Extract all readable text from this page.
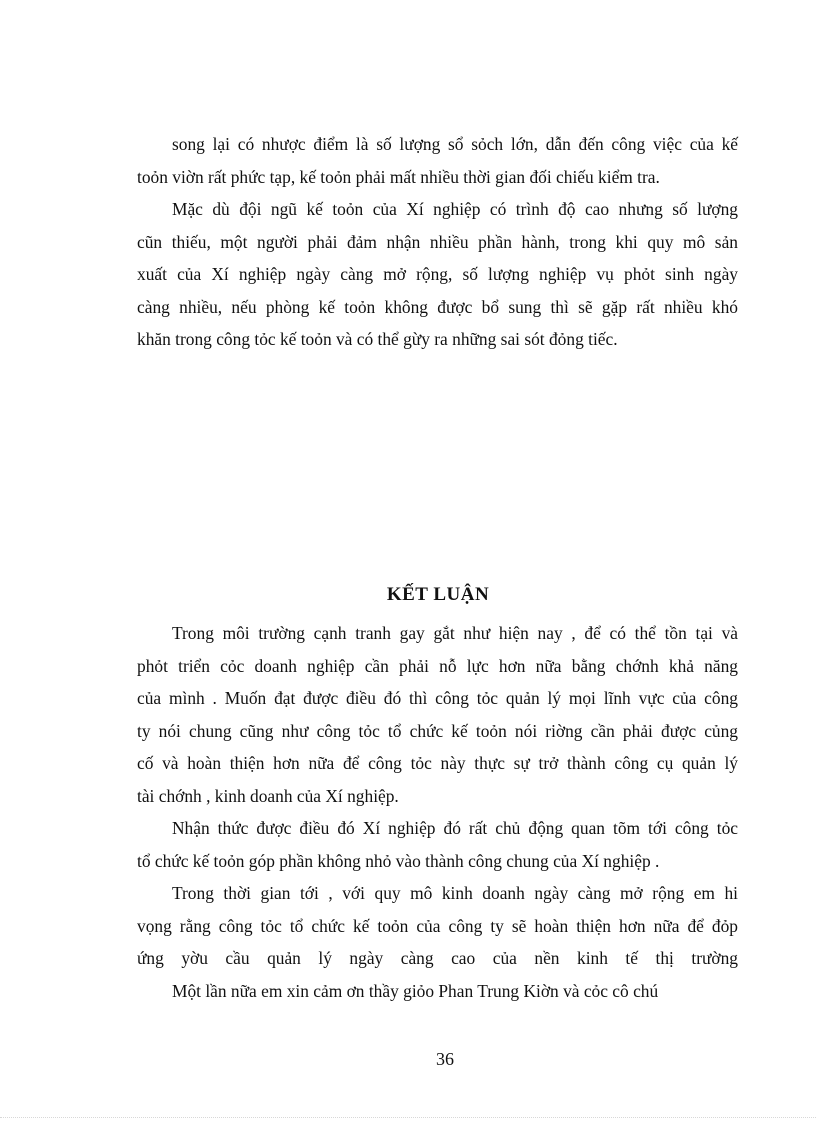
song lại có nhược điểm là số lượng sổ sỏch lớn, dẫn đến công việc của kế
toỏn viờn rất phức tạp, kế toỏn phải mất nhiều thời gian đối chiếu kiểm tra.
Mặc dù đội ngũ kế toỏn của Xí nghiệp có trình độ cao nhưng số lượng
cũn thiếu, một người phải đảm nhận nhiều phần hành, trong khi quy mô sản
xuất của Xí nghiệp ngày càng mở rộng, số lượng nghiệp vụ phỏt sinh ngày
càng nhiều, nếu phòng kế toỏn không được bổ sung thì sẽ gặp rất nhiều khó
khăn trong công tỏc kế toỏn và có thể gừy ra những sai sót đỏng tiếc.
KẾT LUẬN
Trong môi trường cạnh tranh gay gắt như hiện nay , để có thể tồn tại và
phỏt triển cỏc doanh nghiệp cần phải nỗ lực hơn nữa bằng chớnh khả năng
của mình . Muốn đạt được điều đó thì công tỏc quản lý mọi lĩnh vực của công
ty nói chung cũng như công tỏc tổ chức kế toỏn nói riờng cần phải được củng
cố và hoàn thiện hơn nữa để công tỏc này thực sự trở thành công cụ quản lý
tài chớnh , kinh doanh của Xí nghiệp.
Nhận thức được điều đó Xí nghiệp đó rất chủ động quan tõm tới công tỏc
tổ chức kế toỏn góp phần không nhỏ vào thành công chung của Xí nghiệp .
Trong thời gian tới , với quy mô kinh doanh ngày càng mở rộng em hi
vọng rằng công tỏc tổ chức kế toỏn của công ty sẽ hoàn thiện hơn nữa để đỏp
ứng yờu cầu quản lý ngày càng cao của nền kinh tế thị trường
Một lần nữa em xin cảm ơn thầy giỏo Phan Trung Kiờn và cỏc cô chú
36
